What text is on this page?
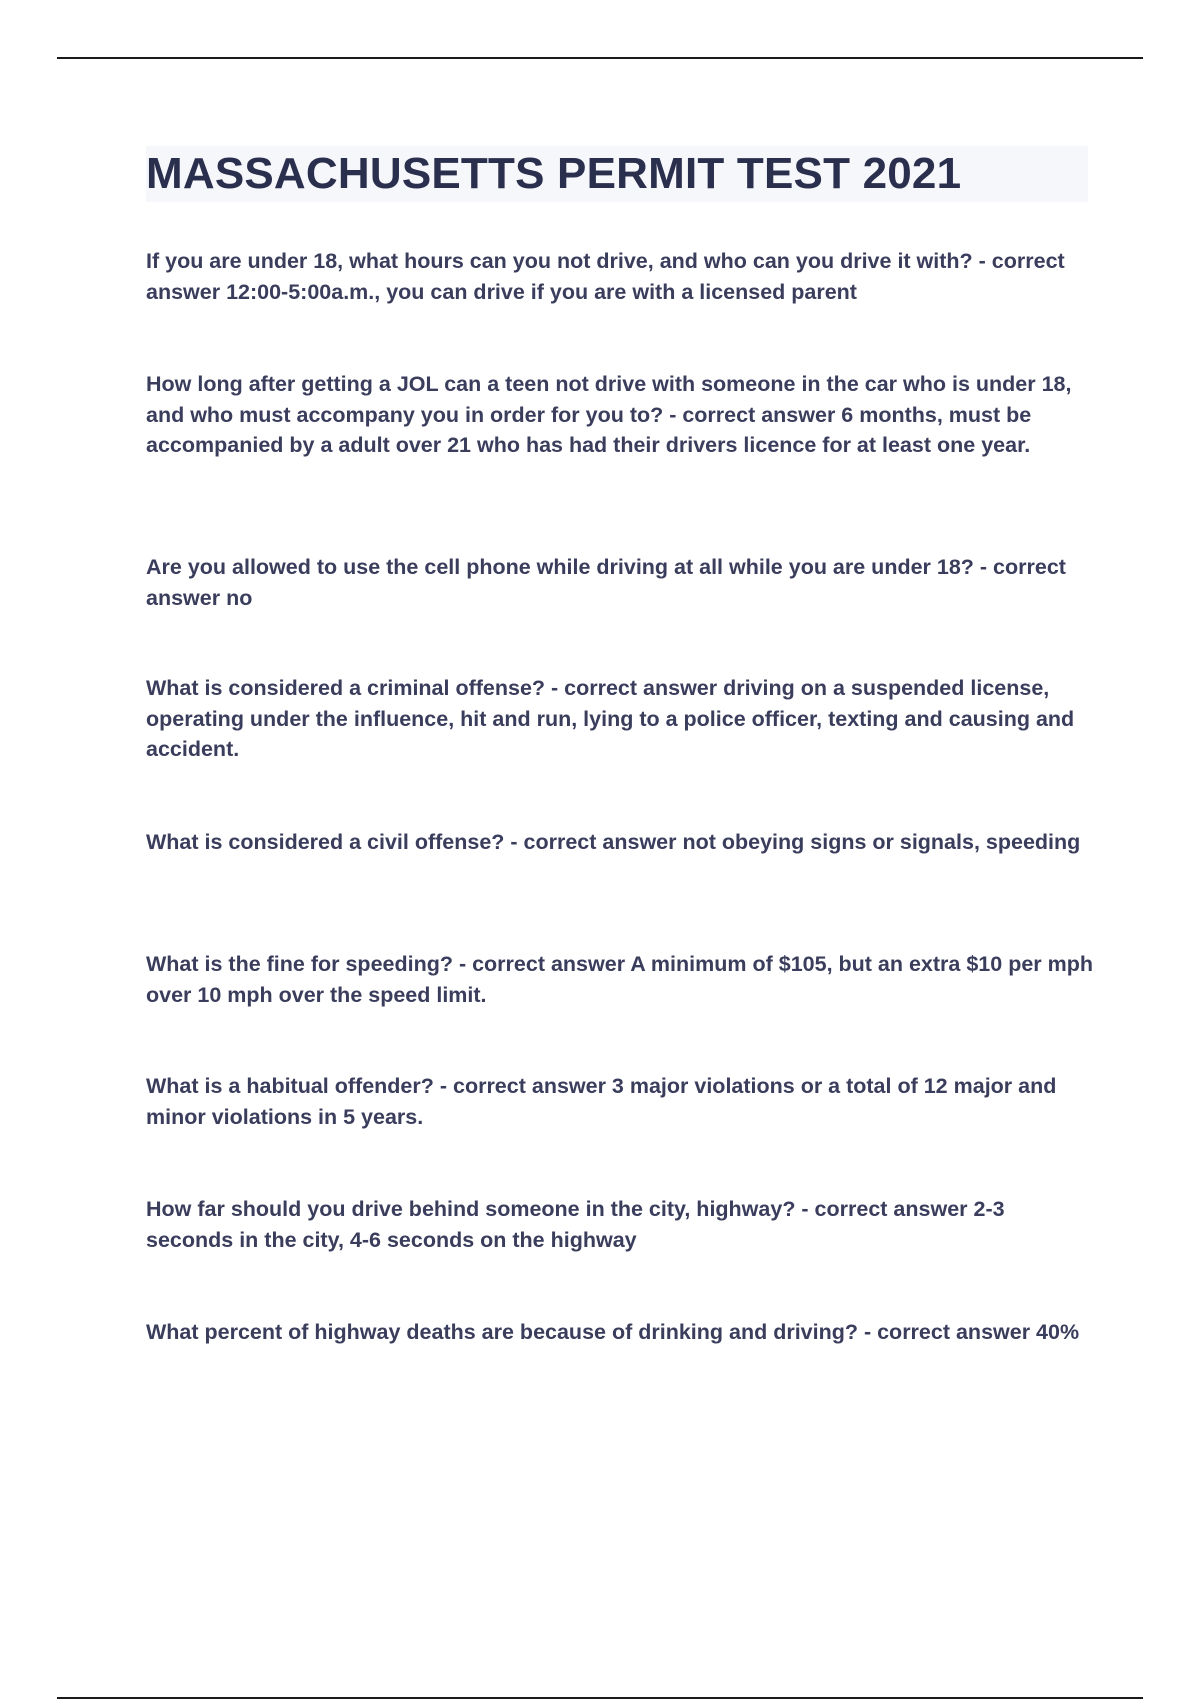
MASSACHUSETTS PERMIT TEST 2021

If you are under 18, what hours can you not drive, and who can you drive it with? - correct answer 12:00-5:00a.m., you can drive if you are with a licensed parent

How long after getting a JOL can a teen not drive with someone in the car who is under 18, and who must accompany you in order for you to? - correct answer 6 months, must be accompanied by a adult over 21 who has had their drivers licence for at least one year.

Are you allowed to use the cell phone while driving at all while you are under 18? - correct answer no

What is considered a criminal offense? - correct answer driving on a suspended license, operating under the influence, hit and run, lying to a police officer, texting and causing and accident.

What is considered a civil offense? - correct answer not obeying signs or signals, speeding

What is the fine for speeding? - correct answer A minimum of $105, but an extra $10 per mph over 10 mph over the speed limit.

What is a habitual offender? - correct answer 3 major violations or a total of 12 major and minor violations in 5 years.

How far should you drive behind someone in the city, highway? - correct answer 2-3 seconds in the city, 4-6 seconds on the highway

What percent of highway deaths are because of drinking and driving? - correct answer 40%
